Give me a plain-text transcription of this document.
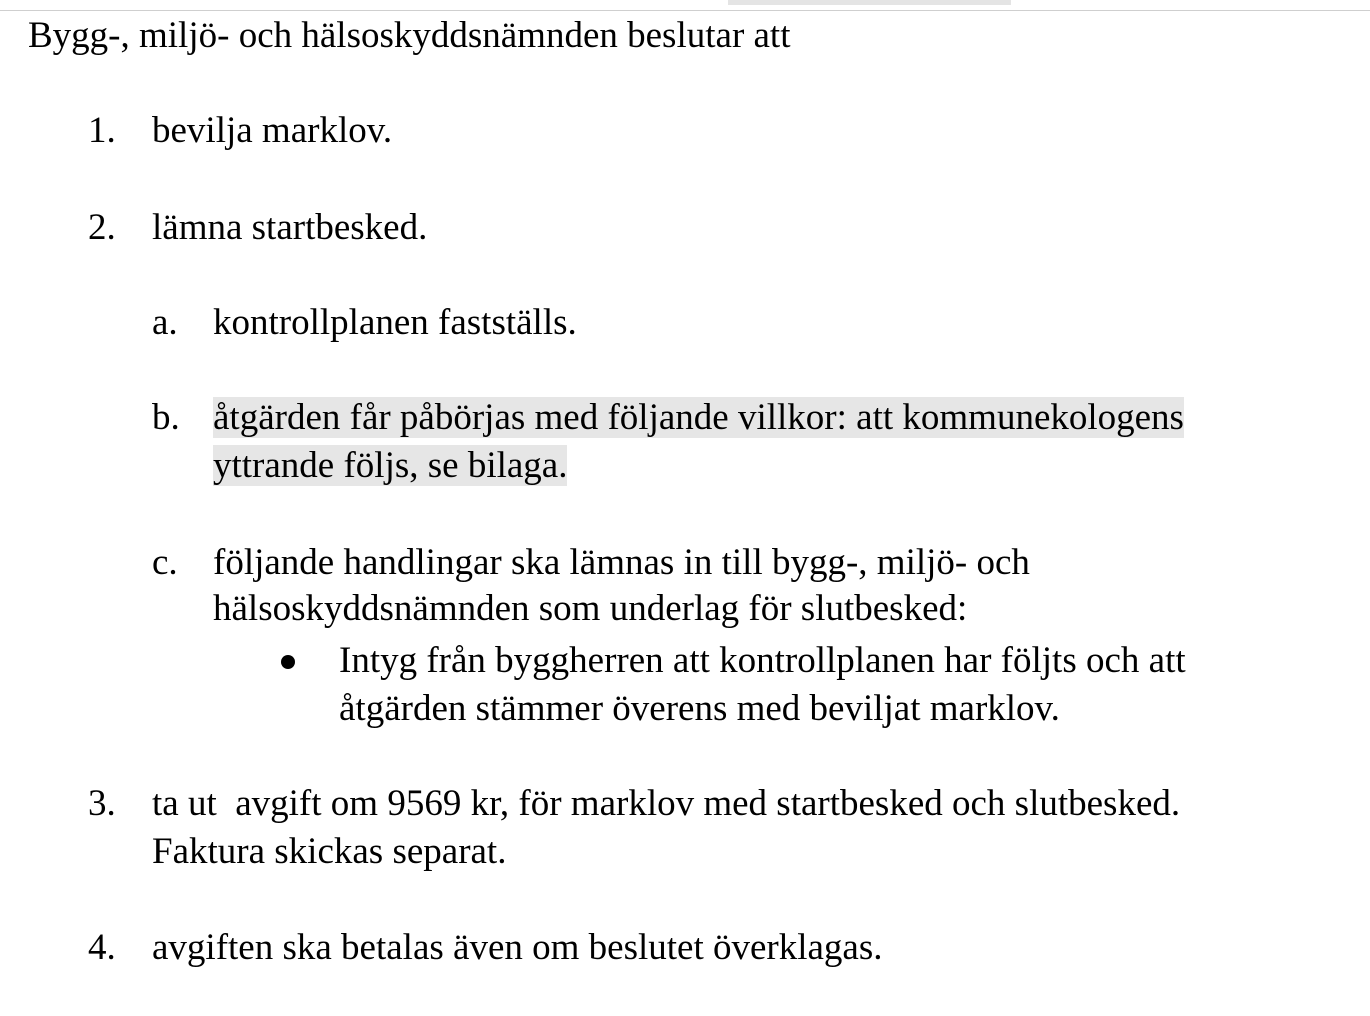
Bygg-, miljö- och hälsoskyddsnämnden beslutar att
1. bevilja marklov.
2. lämna startbesked.
a. kontrollplanen fastställs.
b. åtgärden får påbörjas med följande villkor: att kommunekologens
yttrande följs, se bilaga.
c. följande handlingar ska lämnas in till bygg-, miljö- och
hälsoskyddsnämnden som underlag för slutbesked:
Intyg från byggherren att kontrollplanen har följts och att
åtgärden stämmer överens med beviljat marklov.
3. ta ut  avgift om 9569 kr, för marklov med startbesked och slutbesked.
Faktura skickas separat.
4. avgiften ska betalas även om beslutet överklagas.
